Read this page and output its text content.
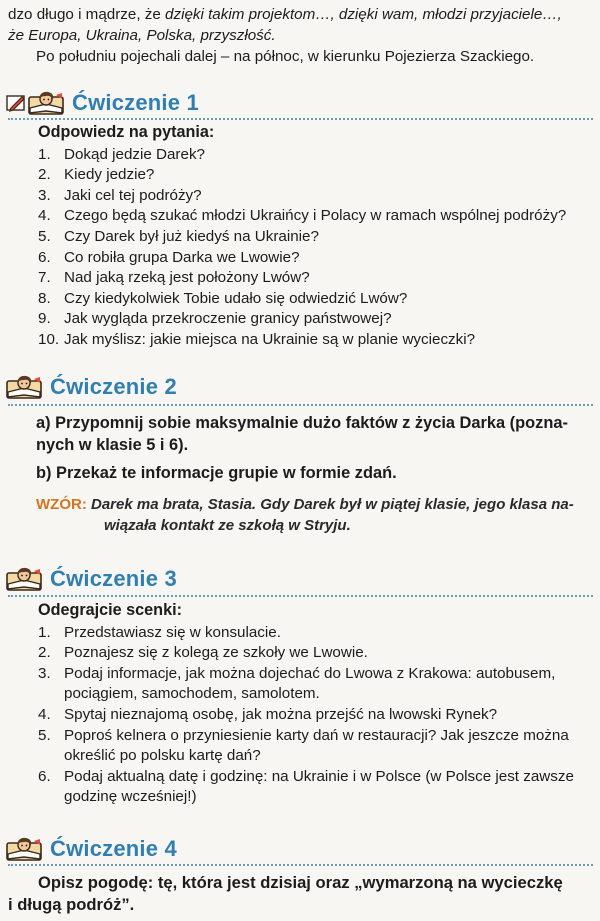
dzo długo i mądrze, że dzięki takim projektom…, dzięki wam, młodzi przyjaciele…,

że Europa, Ukraina, Polska, przyszłość.

Po południu pojechali dalej – na północ, w kierunku Pojezierza Szackiego.

Ćwiczenie 1
Odpowiedz na pytania:
1. Dokąd jedzie Darek?
2. Kiedy jedzie?
3. Jaki cel tej podróży?
4. Czego będą szukać młodzi Ukraińcy i Polacy w ramach wspólnej podróży?
5. Czy Darek był już kiedyś na Ukrainie?
6. Co robiła grupa Darka we Lwowie?
7. Nad jaką rzeką jest położony Lwów?
8. Czy kiedykolwiek Tobie udało się odwiedzić Lwów?
9. Jak wygląda przekroczenie granicy państwowej?
10. Jak myślisz: jakie miejsca na Ukrainie są w planie wycieczki?
Ćwiczenie 2
a) Przypomnij sobie maksymalnie dużo faktów z życia Darka (pozna-
nych w klasie 5 i 6).
b) Przekaż te informacje grupie w formie zdań.
WZÓR: Darek ma brata, Stasia. Gdy Darek był w piątej klasie, jego klasa na-
wiązała kontakt ze szkołą w Stryju.
Ćwiczenie 3
Odegrajcie scenki:
1. Przedstawiasz się w konsulacie.
2. Poznajesz się z kolegą ze szkoły we Lwowie.
3. Podaj informacje, jak można dojechać do Lwowa z Krakowa: autobusem, pociągiem, samochodem, samolotem.
4. Spytaj nieznajomą osobę, jak można przejść na lwowski Rynek?
5. Poproś kelnera o przyniesienie karty dań w restauracji? Jak jeszcze można określić po polsku kartę dań?
6. Podaj aktualną datę i godzinę: na Ukrainie i w Polsce (w Polsce jest zawsze godzinę wcześniej!)
Ćwiczenie 4
Opisz pogodę: tę, która jest dzisiaj oraz „wymarzoną na wycieczkę
i długą podróż”.
